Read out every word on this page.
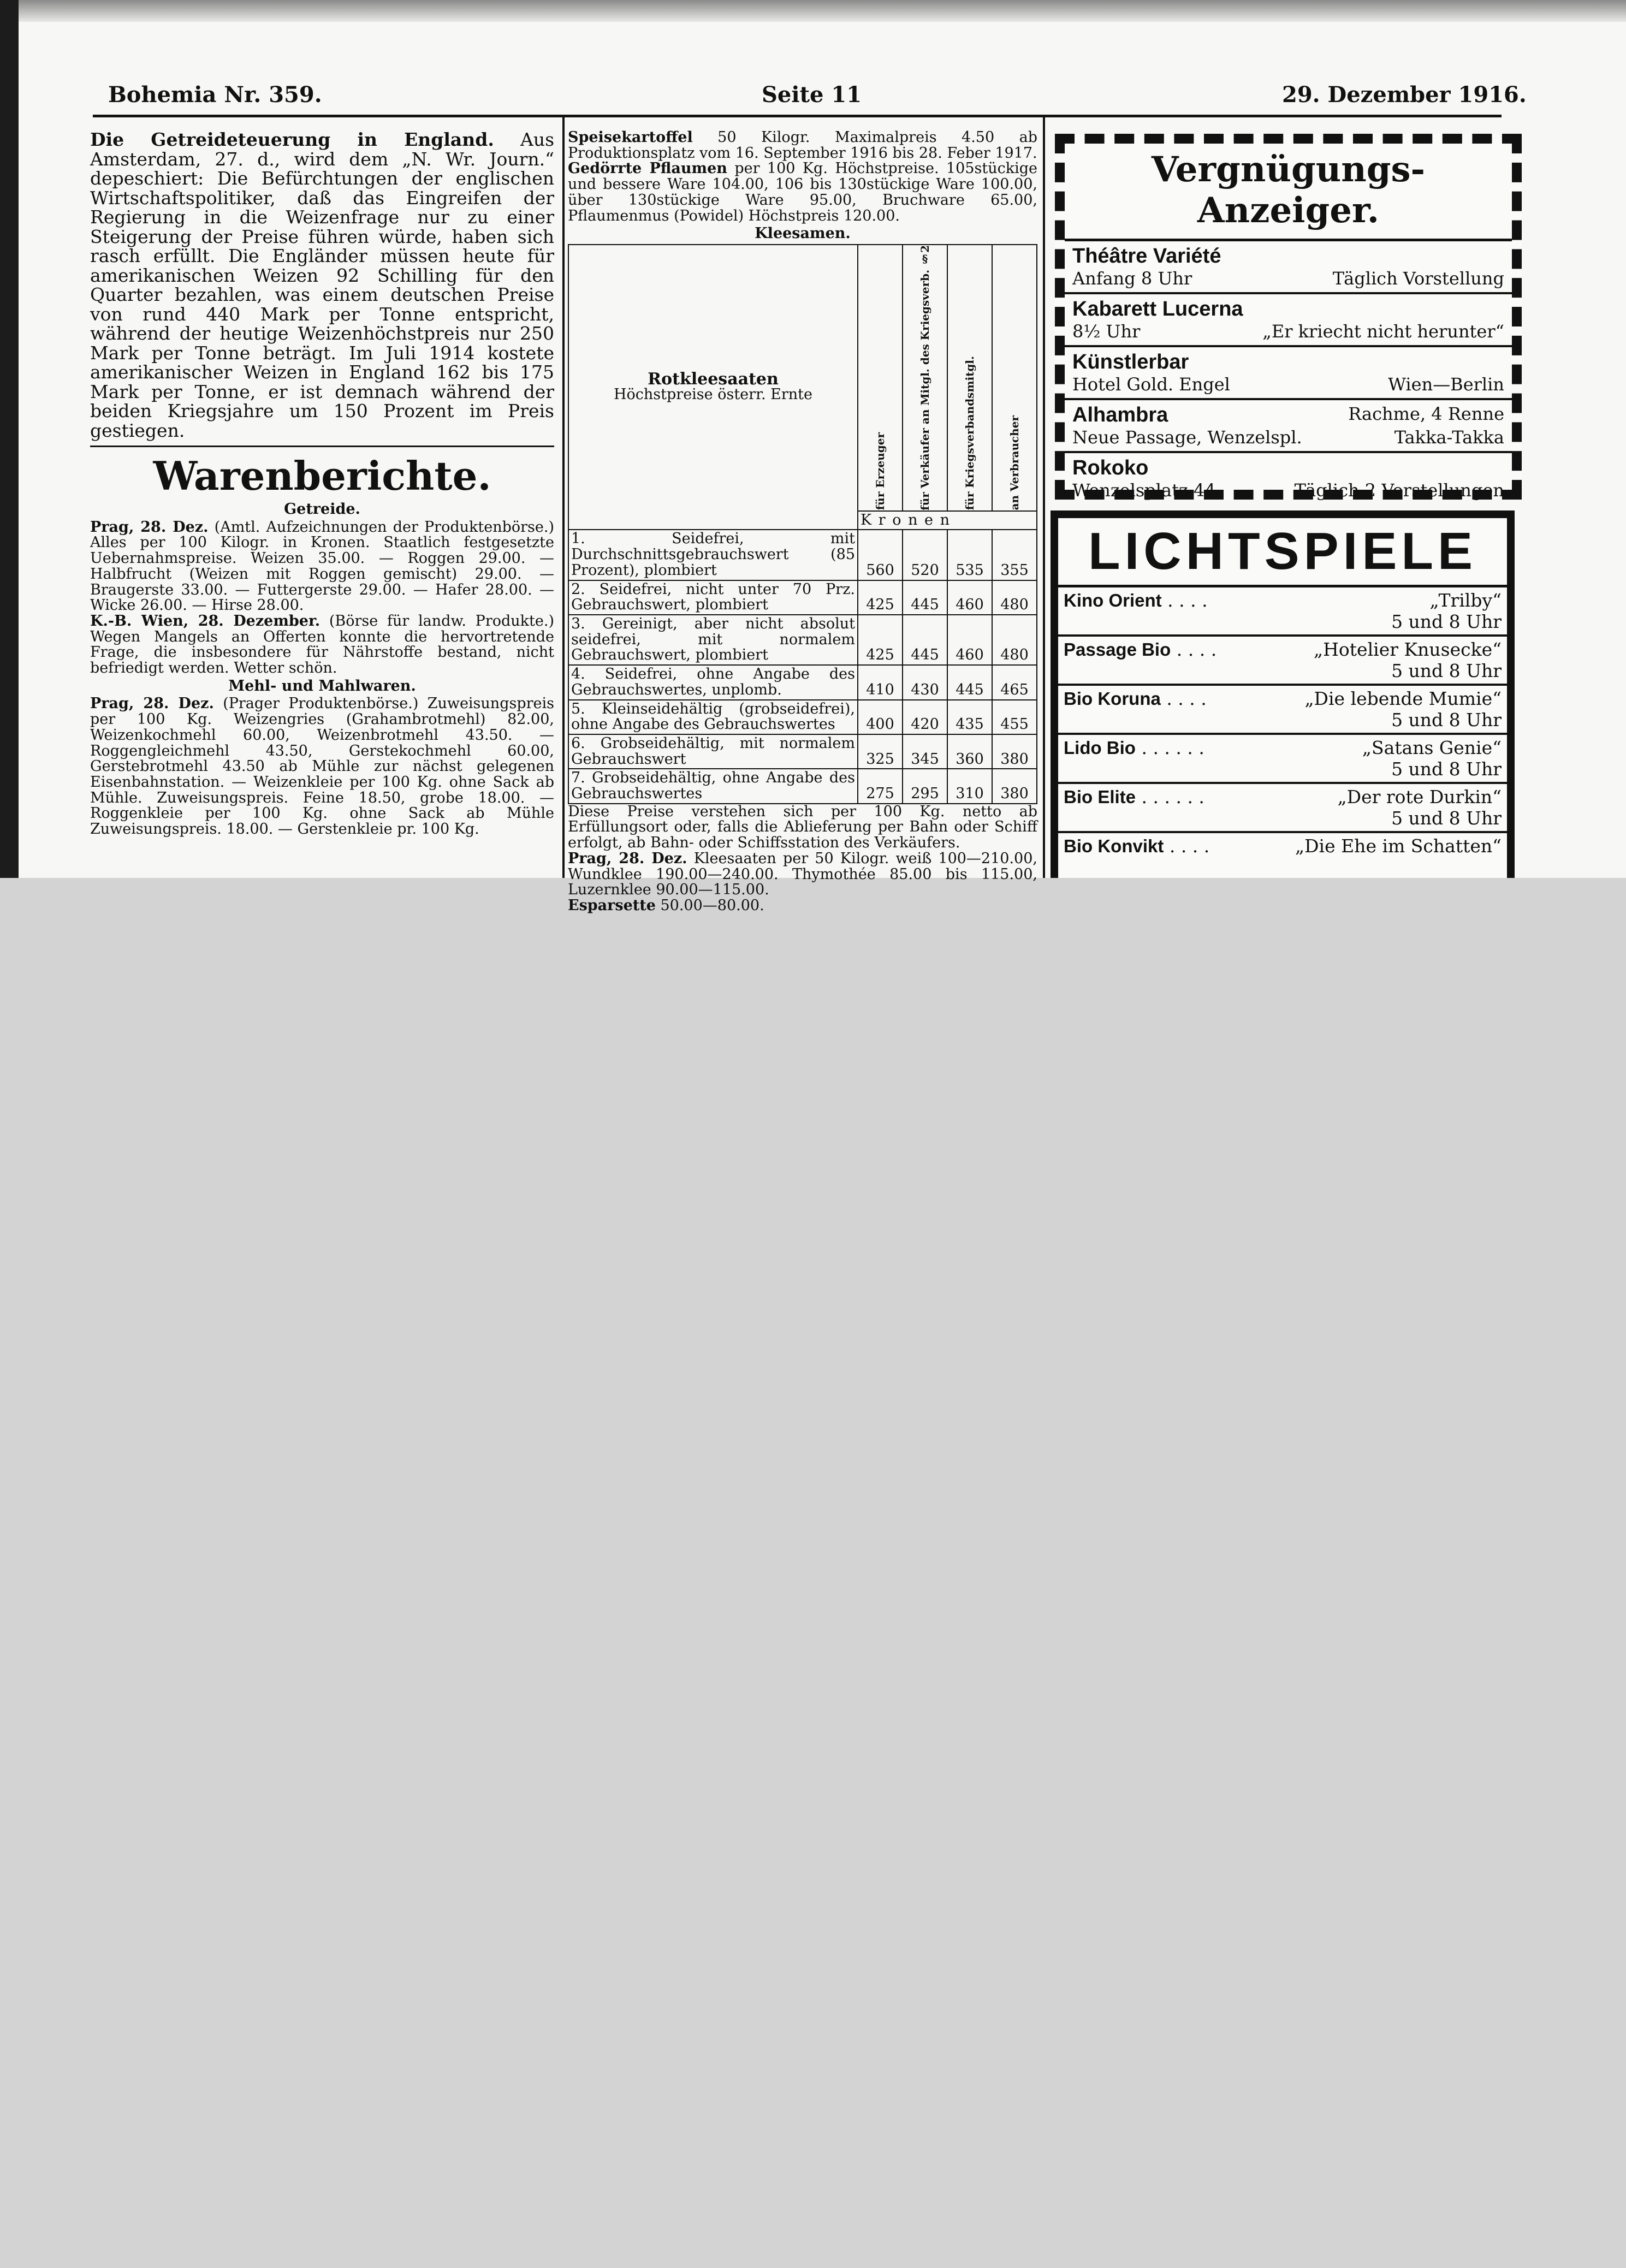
Bohemia Nr. 359.	Seite 11	29. Dezember 1916.

Die Getreideteuerung in England. Aus Amsterdam, 27. d., wird dem „N. Wr. Journ.“ depeschiert: Die Befürchtungen der englischen Wirtschaftspolitiker, daß das Eingreifen der Regierung in die Weizenfrage nur zu einer Steigerung der Preise führen würde, haben sich rasch erfüllt. Die Engländer müssen heute für amerikanischen Weizen 92 Schilling für den Quarter bezahlen, was einem deutschen Preise von rund 440 Mark per Tonne entspricht, während der heutige Weizenhöchstpreis nur 250 Mark per Tonne beträgt. Im Juli 1914 kostete amerikanischer Weizen in England 162 bis 175 Mark per Tonne, er ist demnach während der beiden Kriegsjahre um 150 Prozent im Preis gestiegen.

Warenberichte.
Getreide.

Prag, 28. Dez. (Amtl. Aufzeichnungen der Produktenbörse.) Alles per 100 Kilogr. in Kronen. Staatlich festgesetzte Uebernahmspreise. Weizen 35.00. — Roggen 29.00. — Halbfrucht (Weizen mit Roggen gemischt) 29.00. — Braugerste 33.00. — Futtergerste 29.00. — Hafer 28.00. — Wicke 26.00. — Hirse 28.00.

K.-B. Wien, 28. Dezember. (Börse für landw. Produkte.) Wegen Mangels an Offerten konnte die hervortretende Frage, die insbesondere für Nährstoffe bestand, nicht befriedigt werden. Wetter schön.

Mehl- und Mahlwaren.

Prag, 28. Dez. (Prager Produktenbörse.) Zuweisungspreis per 100 Kg. Weizengries (Grahambrotmehl) 82.00, Weizenkochmehl 60.00, Weizenbrotmehl 43.50. — Roggengleichmehl 43.50, Gerstekochmehl 60.00, Gerstebrotmehl 43.50 ab Mühle zur nächst gelegenen Eisenbahnstation. — Weizenkleie per 100 Kg. ohne Sack ab Mühle. Zuweisungspreis. Feine 18.50, grobe 18.00. — Roggenkleie per 100 Kg. ohne Sack ab Mühle Zuweisungspreis. 18.00. — Gerstenkleie pr. 100 Kg.

Speisekartoffel 50 Kilogr. Maximalpreis 4.50 ab Produktionsplatz vom 16. September 1916 bis 28. Feber 1917.

Gedörrte Pflaumen per 100 Kg. Höchstpreise. 105stückige und bessere Ware 104.00, 106 bis 130stückige Ware 100.00, über 130stückige Ware 95.00, Bruchware 65.00, Pflaumenmus (Powidel) Höchstpreis 120.00.

Kleesamen.
Rotkleesaaten
Höchstpreise österr. Ernte	für Erzeuger	für Verkäufer an Mitgl. des Kriegsverb. §2	für Kriegsverbandsmitgl.	an Verbraucher

	K r o n e n			
1. Seidefrei, mit Durchschnittsgebrauchswert (85 Prozent), plombiert	560	520	535	355
2. Seidefrei, nicht unter 70 Prz. Gebrauchswert, plombiert	425	445	460	480
3. Gereinigt, aber nicht absolut seidefrei, mit normalem Gebrauchswert, plombiert	425	445	460	480
4. Seidefrei, ohne Angabe des Gebrauchswertes, unplomb.	410	430	445	465
5. Kleinseidehältig (grobseidefrei), ohne Angabe des Gebrauchswertes	400	420	435	455
6. Grobseidehältig, mit normalem Gebrauchswert	325	345	360	380
7. Grobseidehältig, ohne Angabe des Gebrauchswertes	275	295	310	380

Diese Preise verstehen sich per 100 Kg. netto ab Erfüllungsort oder, falls die Ablieferung per Bahn oder Schiff erfolgt, ab Bahn- oder Schiffsstation des Verkäufers.

Prag, 28. Dez. Kleesaaten per 50 Kilogr. weiß 100—210.00, Wundklee 190.00—240.00. Thymothée 85.00 bis 115.00, Luzernklee 90.00—115.00.

Esparsette 50.00—80.00.

Vergnügungs-Anzeiger.
Théâtre Variété
Anfang 8 Uhr	Täglich Vorstellung
Kabarett Lucerna
8½ Uhr	„Er kriecht nicht herunter“
Künstlerbar
Hotel Gold. Engel	Wien—Berlin
Alhambra	Rachme, 4 Renne
Neue Passage, Wenzelspl.	Takka-Takka
Rokoko
Wenzelsplatz 44	Täglich 2 Vorstellungen
LICHTSPIELE
Kino Orient . . . .	„Trilby“
5 und 8 Uhr
Passage Bio . . . .	„Hotelier Knusecke“
5 und 8 Uhr
Bio Koruna . . . .	„Die lebende Mumie“
5 und 8 Uhr
Lido Bio . . . . . .	„Satans Genie“
5 und 8 Uhr
Bio Elite . . . . . .	„Der rote Durkin“
5 und 8 Uhr
Bio Konvikt . . . .	„Die Ehe im Schatten“
